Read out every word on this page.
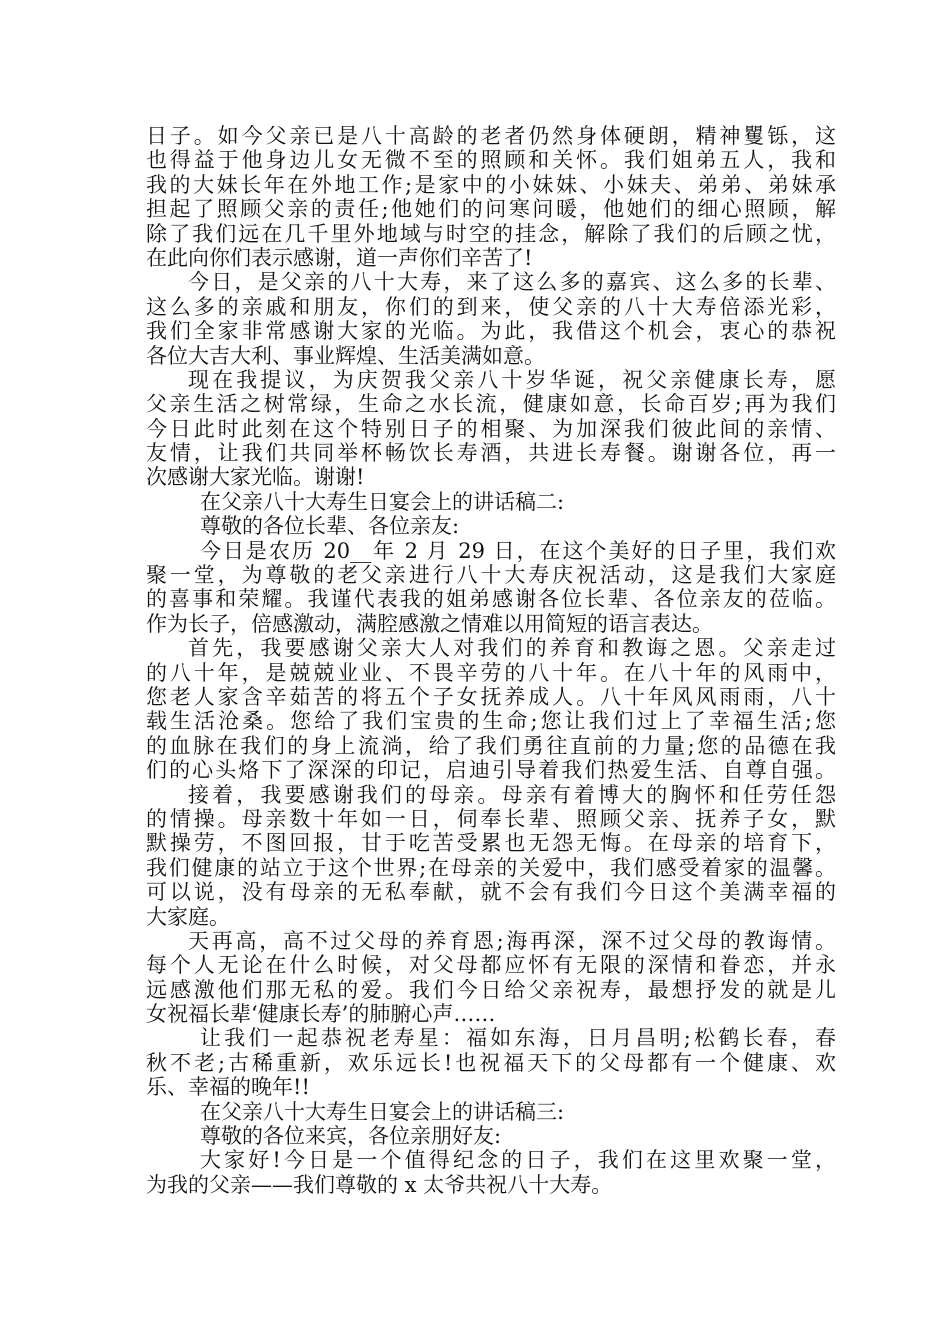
日子。如今父亲已是八十高龄的老者仍然身体硬朗，精神矍铄，这
也得益于他身边儿女无微不至的照顾和关怀。我们姐弟五人，我和
我的大妹长年在外地工作;是家中的小妹妹、小妹夫、弟弟、弟妹承
担起了照顾父亲的责任;他她们的问寒问暖，他她们的细心照顾，解
除了我们远在几千里外地域与时空的挂念，解除了我们的后顾之忧，
在此向你们表示感谢，道一声你们辛苦了!
今日，是父亲的八十大寿，来了这么多的嘉宾、这么多的长辈、
这么多的亲戚和朋友，你们的到来，使父亲的八十大寿倍添光彩，
我们全家非常感谢大家的光临。为此，我借这个机会，衷心的恭祝
各位大吉大利、事业辉煌、生活美满如意。
现在我提议，为庆贺我父亲八十岁华诞，祝父亲健康长寿，愿
父亲生活之树常绿，生命之水长流，健康如意，长命百岁;再为我们
今日此时此刻在这个特别日子的相聚、为加深我们彼此间的亲情、
友情，让我们共同举杯畅饮长寿酒，共进长寿餐。谢谢各位，再一
次感谢大家光临。谢谢!
在父亲八十大寿生日宴会上的讲话稿二:
尊敬的各位长辈、各位亲友:
今日是农历 20__年 2 月 29 日，在这个美好的日子里，我们欢
聚一堂，为尊敬的老父亲进行八十大寿庆祝活动，这是我们大家庭
的喜事和荣耀。我谨代表我的姐弟感谢各位长辈、各位亲友的莅临。
作为长子，倍感激动，满腔感激之情难以用简短的语言表达。
首先，我要感谢父亲大人对我们的养育和教诲之恩。父亲走过
的八十年，是兢兢业业、不畏辛劳的八十年。在八十年的风雨中，
您老人家含辛茹苦的将五个子女抚养成人。八十年风风雨雨，八十
载生活沧桑。您给了我们宝贵的生命;您让我们过上了幸福生活;您
的血脉在我们的身上流淌，给了我们勇往直前的力量;您的品德在我
们的心头烙下了深深的印记，启迪引导着我们热爱生活、自尊自强。
接着，我要感谢我们的母亲。母亲有着博大的胸怀和任劳任怨
的情操。母亲数十年如一日，伺奉长辈、照顾父亲、抚养子女，默
默操劳，不图回报，甘于吃苦受累也无怨无悔。在母亲的培育下，
我们健康的站立于这个世界;在母亲的关爱中，我们感受着家的温馨。
可以说，没有母亲的无私奉献，就不会有我们今日这个美满幸福的
大家庭。
天再高，高不过父母的养育恩;海再深，深不过父母的教诲情。
每个人无论在什么时候，对父母都应怀有无限的深情和眷恋，并永
远感激他们那无私的爱。我们今日给父亲祝寿，最想抒发的就是儿
女祝福长辈‘健康长寿’的肺腑心声……
让我们一起恭祝老寿星：福如东海，日月昌明;松鹤长春，春
秋不老;古稀重新，欢乐远长!也祝福天下的父母都有一个健康、欢
乐、幸福的晚年!!
在父亲八十大寿生日宴会上的讲话稿三:
尊敬的各位来宾，各位亲朋好友:
大家好!今日是一个值得纪念的日子，我们在这里欢聚一堂，
为我的父亲——我们尊敬的 x 太爷共祝八十大寿。
